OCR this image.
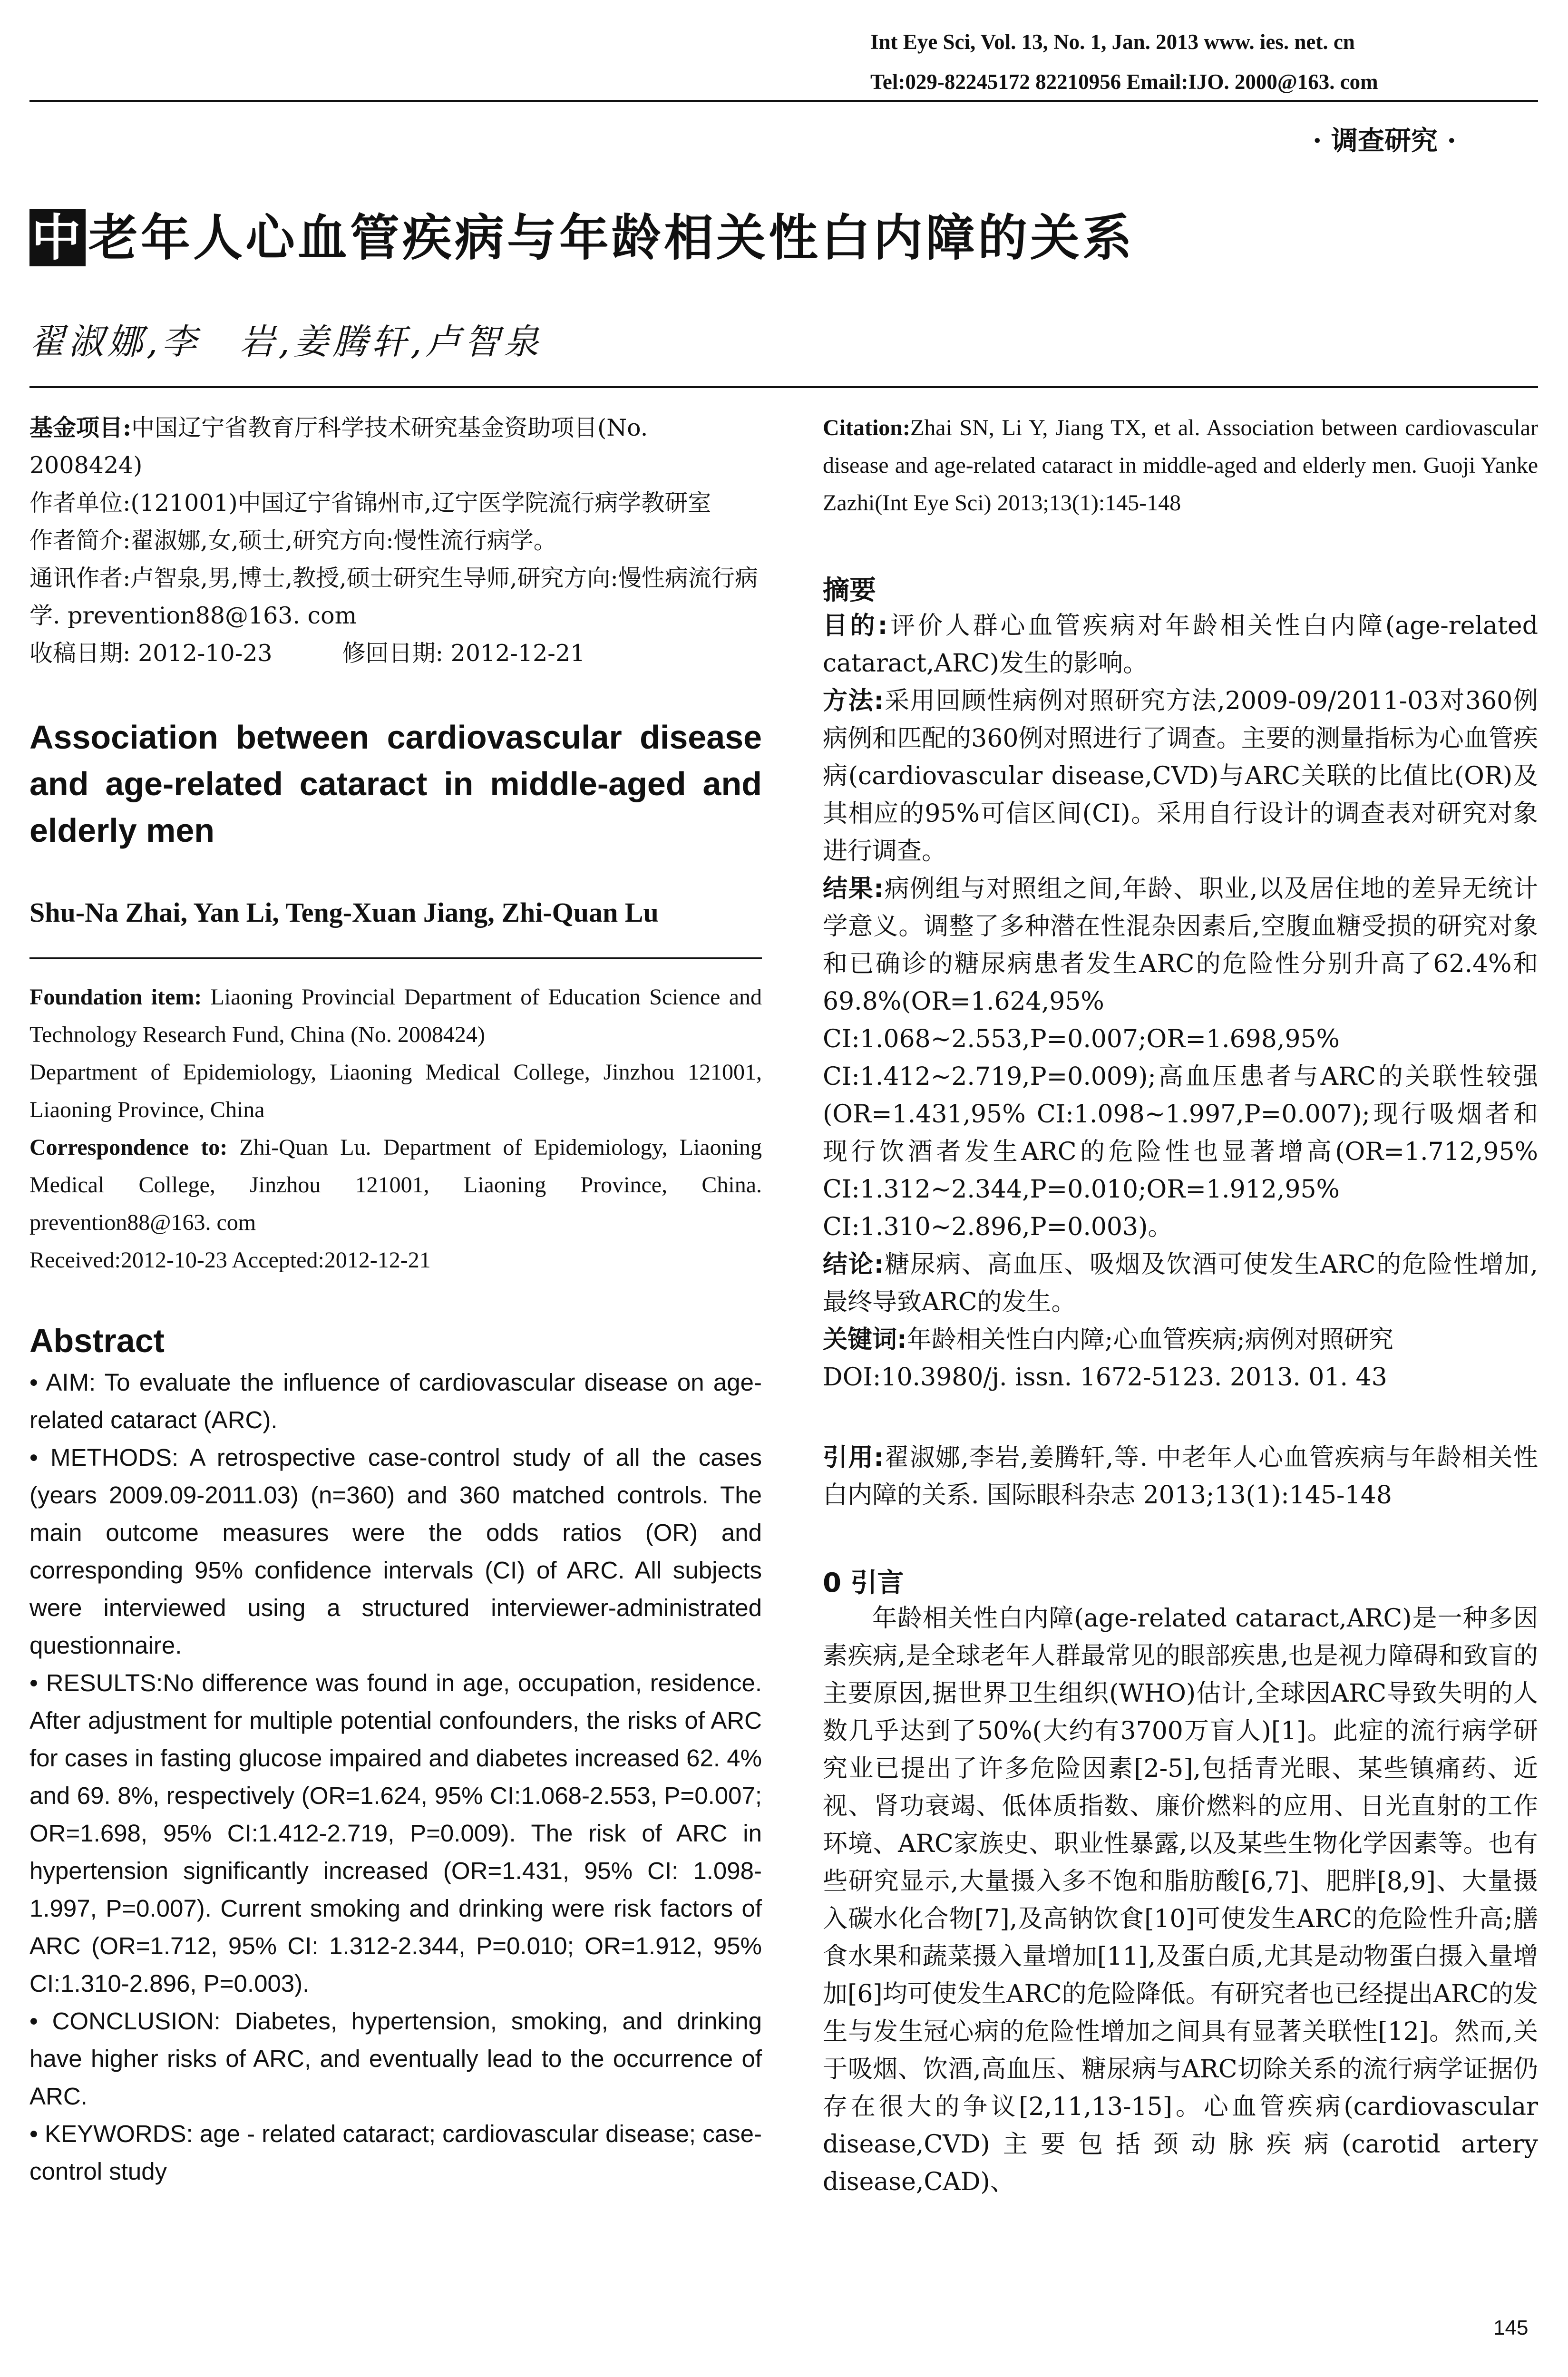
Int Eye Sci, Vol. 13, No. 1, Jan. 2013 www. ies. net. cn
Tel:029-82245172 82210956 Email:IJO. 2000@163. com
· 调查研究 ·
中老年人心血管疾病与年龄相关性白内障的关系
翟淑娜,李　岩,姜腾轩,卢智泉

基金项目:中国辽宁省教育厅科学技术研究基金资助项目(No. 2008424)

作者单位:(121001)中国辽宁省锦州市,辽宁医学院流行病学教研室

作者简介:翟淑娜,女,硕士,研究方向:慢性流行病学。

通讯作者:卢智泉,男,博士,教授,硕士研究生导师,研究方向:慢性病流行病学. prevention88@163. com

收稿日期: 2012-10-23　　　修回日期: 2012-12-21

Association between cardiovascular disease and age-related cataract in middle-aged and elderly men

Shu-Na Zhai, Yan Li, Teng-Xuan Jiang, Zhi-Quan Lu

Foundation item: Liaoning Provincial Department of Education Science and Technology Research Fund, China (No. 2008424)

Department of Epidemiology, Liaoning Medical College, Jinzhou 121001, Liaoning Province, China

Correspondence to: Zhi-Quan Lu. Department of Epidemiology, Liaoning Medical College, Jinzhou 121001, Liaoning Province, China. prevention88@163. com

Received:2012-10-23 Accepted:2012-12-21

Abstract

• AIM: To evaluate the influence of cardiovascular disease on age-related cataract (ARC).

• METHODS: A retrospective case-control study of all the cases (years 2009.09-2011.03) (n=360) and 360 matched controls. The main outcome measures were the odds ratios (OR) and corresponding 95% confidence intervals (CI) of ARC. All subjects were interviewed using a structured interviewer-administrated questionnaire.

• RESULTS:No difference was found in age, occupation, residence. After adjustment for multiple potential confounders, the risks of ARC for cases in fasting glucose impaired and diabetes increased 62. 4% and 69. 8%, respectively (OR=1.624, 95% CI:1.068-2.553, P=0.007; OR=1.698, 95% CI:1.412-2.719, P=0.009). The risk of ARC in hypertension significantly increased (OR=1.431, 95% CI: 1.098-1.997, P=0.007). Current smoking and drinking were risk factors of ARC (OR=1.712, 95% CI: 1.312-2.344, P=0.010; OR=1.912, 95% CI:1.310-2.896, P=0.003).

• CONCLUSION: Diabetes, hypertension, smoking, and drinking have higher risks of ARC, and eventually lead to the occurrence of ARC.

• KEYWORDS: age - related cataract; cardiovascular disease; case-control study

Citation:Zhai SN, Li Y, Jiang TX, et al. Association between cardiovascular disease and age-related cataract in middle-aged and elderly men. Guoji Yanke Zazhi(Int Eye Sci) 2013;13(1):145-148

摘要

目的:评价人群心血管疾病对年龄相关性白内障(age-related cataract,ARC)发生的影响。

方法:采用回顾性病例对照研究方法,2009-09/2011-03对360例病例和匹配的360例对照进行了调查。主要的测量指标为心血管疾病(cardiovascular disease,CVD)与ARC关联的比值比(OR)及其相应的95%可信区间(CI)。采用自行设计的调查表对研究对象进行调查。

结果:病例组与对照组之间,年龄、职业,以及居住地的差异无统计学意义。调整了多种潜在性混杂因素后,空腹血糖受损的研究对象和已确诊的糖尿病患者发生ARC的危险性分别升高了62.4%和69.8%(OR=1.624,95% CI:1.068~2.553,P=0.007;OR=1.698,95% CI:1.412~2.719,P=0.009);高血压患者与ARC的关联性较强(OR=1.431,95% CI:1.098~1.997,P=0.007);现行吸烟者和现行饮酒者发生ARC的危险性也显著增高(OR=1.712,95% CI:1.312~2.344,P=0.010;OR=1.912,95% CI:1.310~2.896,P=0.003)。

结论:糖尿病、高血压、吸烟及饮酒可使发生ARC的危险性增加,最终导致ARC的发生。

关键词:年龄相关性白内障;心血管疾病;病例对照研究

DOI:10.3980/j. issn. 1672-5123. 2013. 01. 43

引用:翟淑娜,李岩,姜腾轩,等. 中老年人心血管疾病与年龄相关性白内障的关系. 国际眼科杂志 2013;13(1):145-148

0 引言

年龄相关性白内障(age-related cataract,ARC)是一种多因素疾病,是全球老年人群最常见的眼部疾患,也是视力障碍和致盲的主要原因,据世界卫生组织(WHO)估计,全球因ARC导致失明的人数几乎达到了50%(大约有3700万盲人)[1]。此症的流行病学研究业已提出了许多危险因素[2-5],包括青光眼、某些镇痛药、近视、肾功衰竭、低体质指数、廉价燃料的应用、日光直射的工作环境、ARC家族史、职业性暴露,以及某些生物化学因素等。也有些研究显示,大量摄入多不饱和脂肪酸[6,7]、肥胖[8,9]、大量摄入碳水化合物[7],及高钠饮食[10]可使发生ARC的危险性升高;膳食水果和蔬菜摄入量增加[11],及蛋白质,尤其是动物蛋白摄入量增加[6]均可使发生ARC的危险降低。有研究者也已经提出ARC的发生与发生冠心病的危险性增加之间具有显著关联性[12]。然而,关于吸烟、饮酒,高血压、糖尿病与ARC切除关系的流行病学证据仍存在很大的争议[2,11,13-15]。心血管疾病(cardiovascular disease,CVD)主要包括颈动脉疾病(carotid artery disease,CAD)、

145
